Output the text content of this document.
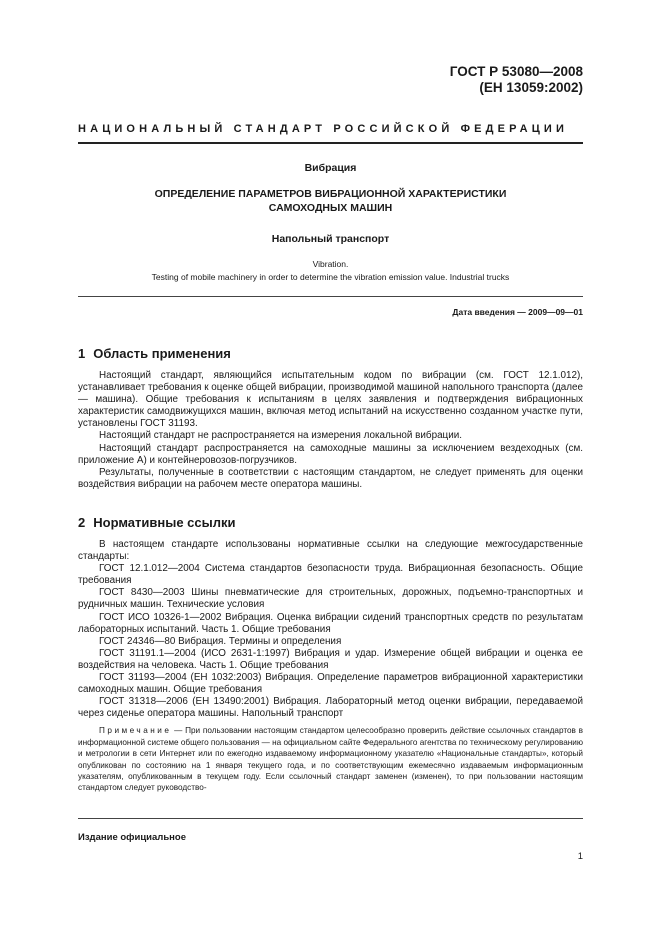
ГОСТ Р 53080—2008
(ЕН 13059:2002)
НАЦИОНАЛЬНЫЙ СТАНДАРТ РОССИЙСКОЙ ФЕДЕРАЦИИ
Вибрация
ОПРЕДЕЛЕНИЕ ПАРАМЕТРОВ ВИБРАЦИОННОЙ ХАРАКТЕРИСТИКИ
САМОХОДНЫХ МАШИН
Напольный транспорт
Vibration.
Testing of mobile machinery in order to determine the vibration emission value. Industrial trucks
Дата введения — 2009—09—01
1 Область применения

Настоящий стандарт, являющийся испытательным кодом по вибрации (см. ГОСТ 12.1.012), устанавливает требования к оценке общей вибрации, производимой машиной напольного транспорта (далее — машина). Общие требования к испытаниям в целях заявления и подтверждения вибрационных характеристик самодвижущихся машин, включая метод испытаний на искусственно созданном участке пути, установлены ГОСТ 31193.

Настоящий стандарт не распространяется на измерения локальной вибрации.

Настоящий стандарт распространяется на самоходные машины за исключением вездеходных (см. приложение А) и контейнеровозов-погрузчиков.

Результаты, полученные в соответствии с настоящим стандартом, не следует применять для оценки воздействия вибрации на рабочем месте оператора машины.

2 Нормативные ссылки

В настоящем стандарте использованы нормативные ссылки на следующие межгосударственные стандарты:

ГОСТ 12.1.012—2004 Система стандартов безопасности труда. Вибрационная безопасность. Общие требования

ГОСТ 8430—2003 Шины пневматические для строительных, дорожных, подъемно-транспортных и рудничных машин. Технические условия

ГОСТ ИСО 10326-1—2002 Вибрация. Оценка вибрации сидений транспортных средств по результатам лабораторных испытаний. Часть 1. Общие требования

ГОСТ 24346—80 Вибрация. Термины и определения

ГОСТ 31191.1—2004 (ИСО 2631-1:1997) Вибрация и удар. Измерение общей вибрации и оценка ее воздействия на человека. Часть 1. Общие требования

ГОСТ 31193—2004 (ЕН 1032:2003) Вибрация. Определение параметров вибрационной характеристики самоходных машин. Общие требования

ГОСТ 31318—2006 (ЕН 13490:2001) Вибрация. Лабораторный метод оценки вибрации, передаваемой через сиденье оператора машины. Напольный транспорт

Примечание — При пользовании настоящим стандартом целесообразно проверить действие ссылочных стандартов в информационной системе общего пользования — на официальном сайте Федерального агентства по техническому регулированию и метрологии в сети Интернет или по ежегодно издаваемому информационному указателю «Национальные стандарты», который опубликован по состоянию на 1 января текущего года, и по соответствующим ежемесячно издаваемым информационным указателям, опубликованным в текущем году. Если ссылочный стандарт заменен (изменен), то при пользовании настоящим стандартом следует руководство-
Издание официальное
1
